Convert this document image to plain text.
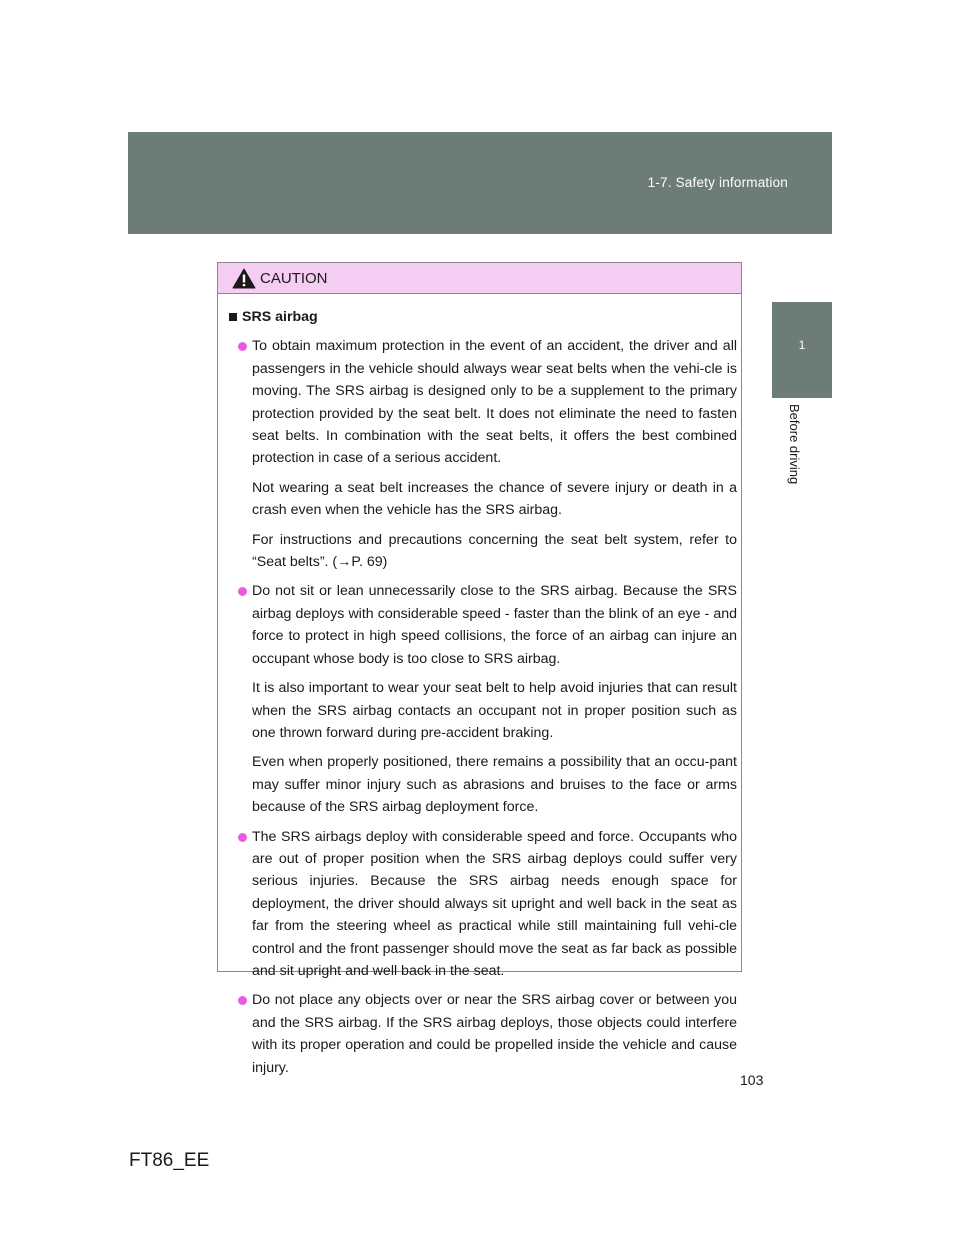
1-7. Safety information
1
Before driving
CAUTION
SRS airbag

To obtain maximum protection in the event of an accident, the driver and all passengers in the vehicle should always wear seat belts when the vehi-cle is moving. The SRS airbag is designed only to be a supplement to the primary protection provided by the seat belt. It does not eliminate the need to fasten seat belts. In combination with the seat belts, it offers the best combined protection in case of a serious accident.

Not wearing a seat belt increases the chance of severe injury or death in a crash even when the vehicle has the SRS airbag.

For instructions and precautions concerning the seat belt system, refer to “Seat belts”. (→P. 69)

Do not sit or lean unnecessarily close to the SRS airbag. Because the SRS airbag deploys with considerable speed - faster than the blink of an eye - and force to protect in high speed collisions, the force of an airbag can injure an occupant whose body is too close to SRS airbag.

It is also important to wear your seat belt to help avoid injuries that can result when the SRS airbag contacts an occupant not in proper position such as one thrown forward during pre-accident braking.

Even when properly positioned, there remains a possibility that an occu-pant may suffer minor injury such as abrasions and bruises to the face or arms because of the SRS airbag deployment force.

The SRS airbags deploy with considerable speed and force. Occupants who are out of proper position when the SRS airbag deploys could suffer very serious injuries. Because the SRS airbag needs enough space for deployment, the driver should always sit upright and well back in the seat as far from the steering wheel as practical while still maintaining full vehi-cle control and the front passenger should move the seat as far back as possible and sit upright and well back in the seat.

Do not place any objects over or near the SRS airbag cover or between you and the SRS airbag. If the SRS airbag deploys, those objects could interfere with its proper operation and could be propelled inside the vehicle and cause injury.

103
FT86_EE
